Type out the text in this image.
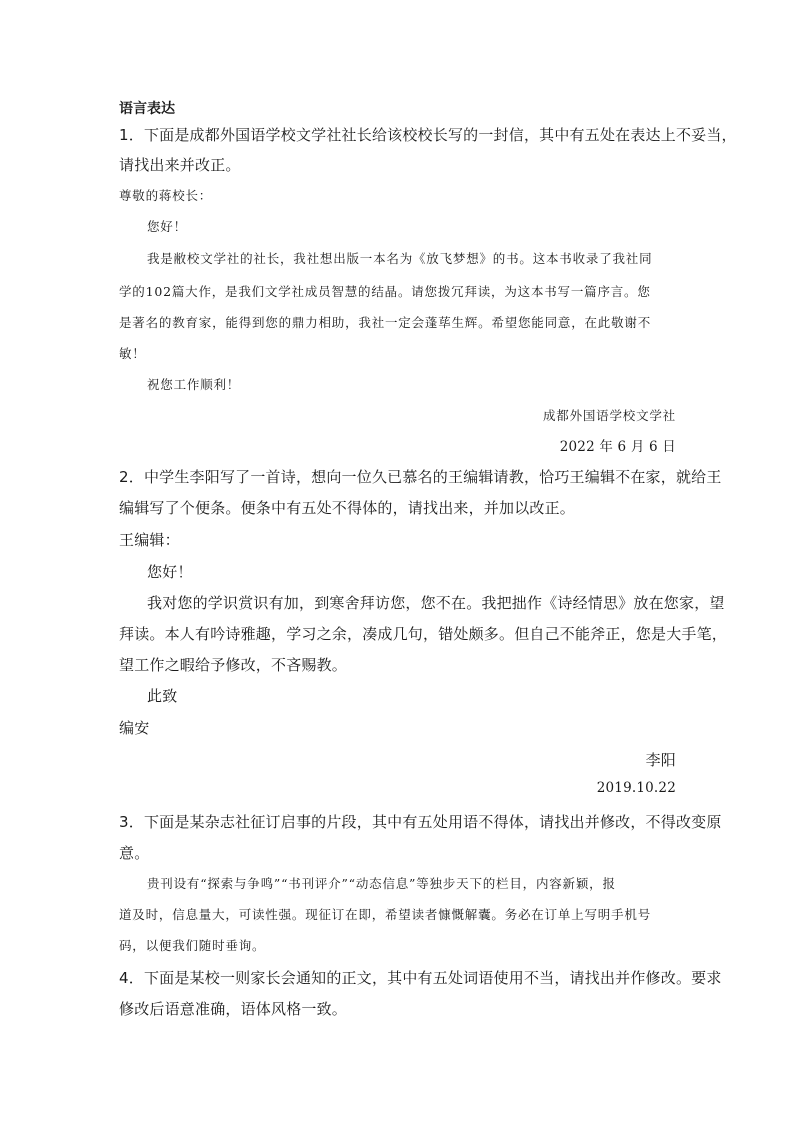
语言表达
1．下面是成都外国语学校文学社社长给该校校长写的一封信，其中有五处在表达上不妥当，
请找出来并改正。
尊敬的蒋校长：
您好！
我是敝校文学社的社长，我社想出版一本名为《放飞梦想》的书。这本书收录了我社同
学的102篇大作，是我们文学社成员智慧的结晶。请您拨冗拜读，为这本书写一篇序言。您
是著名的教育家，能得到您的鼎力相助，我社一定会蓬荜生辉。希望您能同意，在此敬谢不
敏！
祝您工作顺利！
成都外国语学校文学社
2022 年 6 月 6 日
2．中学生李阳写了一首诗，想向一位久已慕名的王编辑请教，恰巧王编辑不在家，就给王
编辑写了个便条。便条中有五处不得体的，请找出来，并加以改正。
王编辑：
您好！
我对您的学识赏识有加，到寒舍拜访您，您不在。我把拙作《诗经情思》放在您家，望
拜读。本人有吟诗雅趣，学习之余，凑成几句，错处颇多。但自己不能斧正，您是大手笔，
望工作之暇给予修改，不吝赐教。
此致
编安
李阳
2019.10.22
3．下面是某杂志社征订启事的片段，其中有五处用语不得体，请找出并修改，不得改变原
意。
贵刊设有“探索与争鸣”“书刊评介”“动态信息”等独步天下的栏目，内容新颖，报
道及时，信息量大，可读性强。现征订在即，希望读者慷慨解囊。务必在订单上写明手机号
码，以便我们随时垂询。
4．下面是某校一则家长会通知的正文，其中有五处词语使用不当，请找出并作修改。要求
修改后语意准确，语体风格一致。
